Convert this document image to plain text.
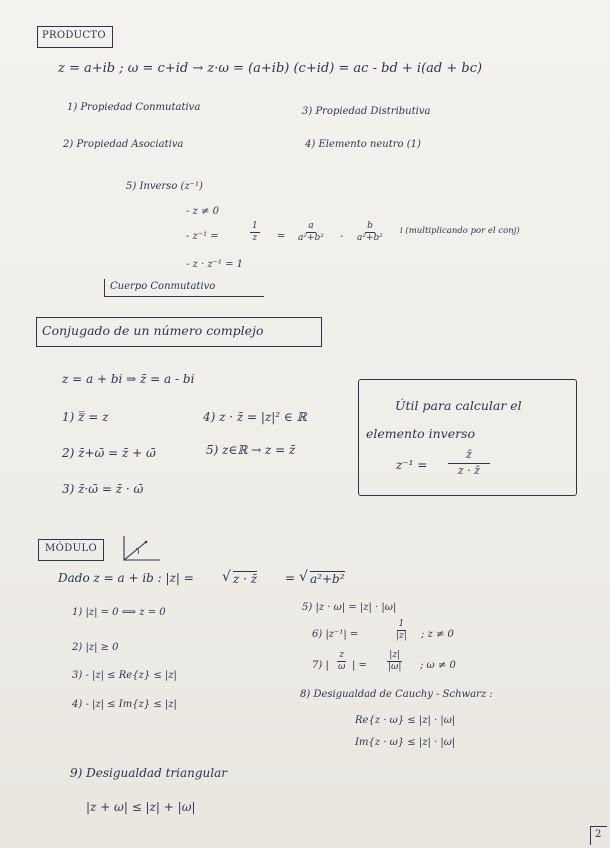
PRODUCTO
z = a+ib ; ω = c+id → z·ω = (a+ib) (c+id) = ac - bd + i(ad + bc)
1) Propiedad Conmutativa	3) Propiedad Distributiva
2) Propiedad Asociativa	4) Elemento neutro (1)
5) Inverso (z⁻¹)
- z ≠ 0
- z⁻¹ =	$\frac{1}{z} = \frac{a}{\text{a²+b²}} - \frac{b}{\text{a²+b²}}$ i (multiplicando por el conj)
- z · z⁻¹ = 1
Cuerpo Conmutativo
Conjugado de un número complejo
z = a + bi ⇒ z̄ = a - bi
1) z̿ = z
2) z̄+ω̄ = z̄ + ω̄
3) z̄·ω̄ = z̄ · ω̄
4) z · z̄ = |z|² ∈ ℝ
5) z∈ℝ → z = z̄
Útil para calcular el
elemento inverso
$z^{-1} = \frac{z̄}{z \cdot z̄}$
MÓDULO
Dado z = a + ib : |z| = √ z · z̄ = √ a²+b²
1) |z| = 0 ⟺ z = 0
2) |z| ≥ 0
3) - |z| ≤ Re{z} ≤ |z|
4) - |z| ≤ Im{z} ≤ |z|
5) |z · ω| = |z| · |ω|
6) |z⁻¹| =	$\frac{1}{|z|}$ ; z ≠ 0
7) | $\frac{z}{\omega}$ | = $\frac{|z|}{|\omega|}$ ; ω ≠ 0
8) Desigualdad de Cauchy - Schwarz :
Re{z · ω} ≤ |z| · |ω|
Im{z · ω} ≤ |z| · |ω|
9) Desigualdad triangular
|z + ω| ≤ |z| + |ω|
2
